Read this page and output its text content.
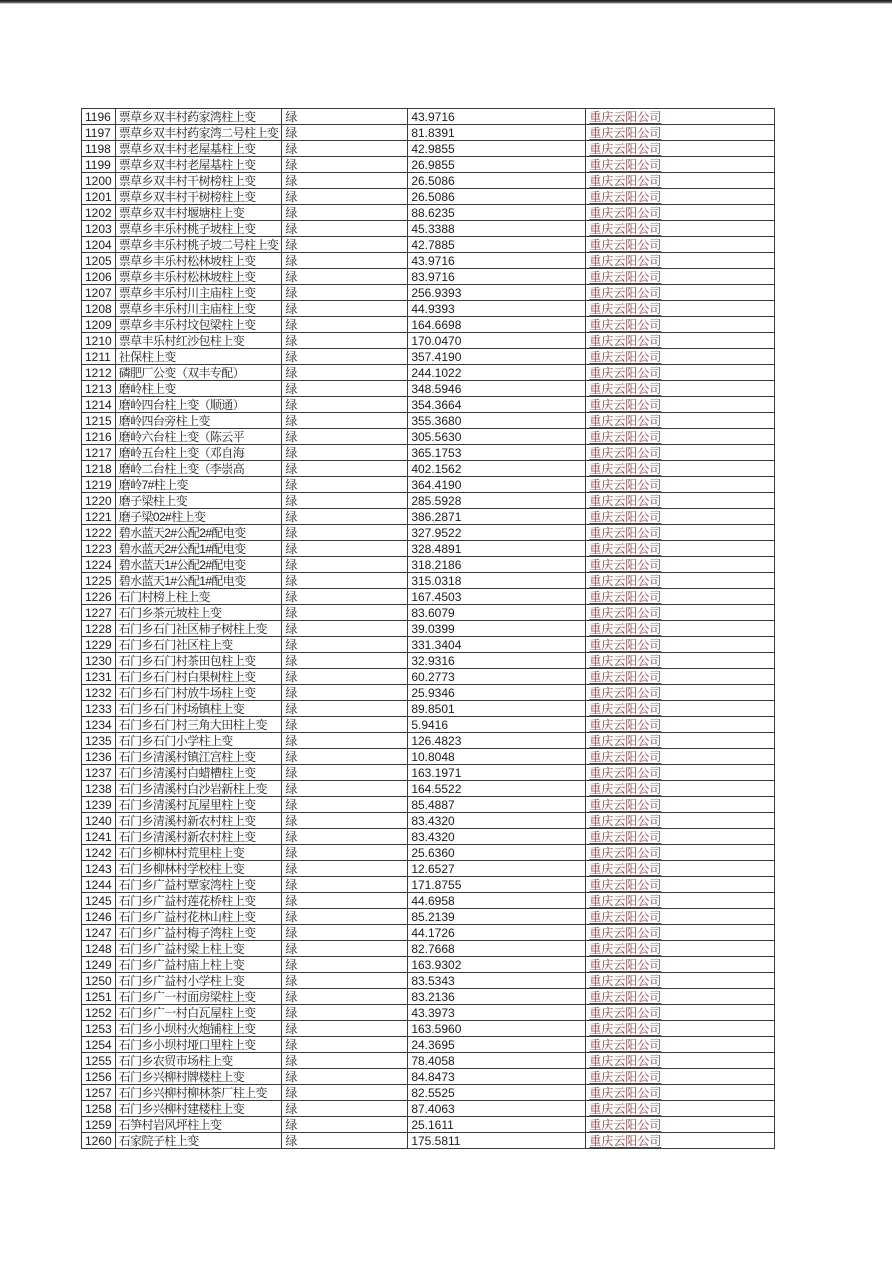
1196	票草乡双丰村药家湾柱上变	绿	43.9716	重庆云阳公司
1197	票草乡双丰村药家湾二号柱上变	绿	81.8391	重庆云阳公司
1198	票草乡双丰村老屋基柱上变	绿	42.9855	重庆云阳公司
1199	票草乡双丰村老屋基柱上变	绿	26.9855	重庆云阳公司
1200	票草乡双丰村干树榜柱上变	绿	26.5086	重庆云阳公司
1201	票草乡双丰村干树榜柱上变	绿	26.5086	重庆云阳公司
1202	票草乡双丰村堰塘柱上变	绿	88.6235	重庆云阳公司
1203	票草乡丰乐村桃子坡柱上变	绿	45.3388	重庆云阳公司
1204	票草乡丰乐村桃子坡二号柱上变	绿	42.7885	重庆云阳公司
1205	票草乡丰乐村松林坡柱上变	绿	43.9716	重庆云阳公司
1206	票草乡丰乐村松林坡柱上变	绿	83.9716	重庆云阳公司
1207	票草乡丰乐村川主庙柱上变	绿	256.9393	重庆云阳公司
1208	票草乡丰乐村川主庙柱上变	绿	44.9393	重庆云阳公司
1209	票草乡丰乐村坟包梁柱上变	绿	164.6698	重庆云阳公司
1210	票草丰乐村红沙包柱上变	绿	170.0470	重庆云阳公司
1211	社保柱上变	绿	357.4190	重庆云阳公司
1212	磷肥厂公变（双丰专配）	绿	244.1022	重庆云阳公司
1213	磨岭柱上变	绿	348.5946	重庆云阳公司
1214	磨岭四台柱上变（顺通）	绿	354.3664	重庆云阳公司
1215	磨岭四台旁柱上变	绿	355.3680	重庆云阳公司
1216	磨岭六台柱上变（陈云平	绿	305.5630	重庆云阳公司
1217	磨岭五台柱上变（邓自海	绿	365.1753	重庆云阳公司
1218	磨岭二台柱上变（李崇高	绿	402.1562	重庆云阳公司
1219	磨岭7#柱上变	绿	364.4190	重庆云阳公司
1220	磨子梁柱上变	绿	285.5928	重庆云阳公司
1221	磨子梁02#柱上变	绿	386.2871	重庆云阳公司
1222	碧水蓝天2#公配2#配电变	绿	327.9522	重庆云阳公司
1223	碧水蓝天2#公配1#配电变	绿	328.4891	重庆云阳公司
1224	碧水蓝天1#公配2#配电变	绿	318.2186	重庆云阳公司
1225	碧水蓝天1#公配1#配电变	绿	315.0318	重庆云阳公司
1226	石门村榜上柱上变	绿	167.4503	重庆云阳公司
1227	石门乡茶元坡柱上变	绿	83.6079	重庆云阳公司
1228	石门乡石门社区柿子树柱上变	绿	39.0399	重庆云阳公司
1229	石门乡石门社区柱上变	绿	331.3404	重庆云阳公司
1230	石门乡石门村茶田包柱上变	绿	32.9316	重庆云阳公司
1231	石门乡石门村白果树柱上变	绿	60.2773	重庆云阳公司
1232	石门乡石门村放牛场柱上变	绿	25.9346	重庆云阳公司
1233	石门乡石门村场镇柱上变	绿	89.8501	重庆云阳公司
1234	石门乡石门村三角大田柱上变	绿	5.9416	重庆云阳公司
1235	石门乡石门小学柱上变	绿	126.4823	重庆云阳公司
1236	石门乡清溪村镇江宫柱上变	绿	10.8048	重庆云阳公司
1237	石门乡清溪村白蜡槽柱上变	绿	163.1971	重庆云阳公司
1238	石门乡清溪村白沙岩新柱上变	绿	164.5522	重庆云阳公司
1239	石门乡清溪村瓦屋里柱上变	绿	85.4887	重庆云阳公司
1240	石门乡清溪村新农村柱上变	绿	83.4320	重庆云阳公司
1241	石门乡清溪村新农村柱上变	绿	83.4320	重庆云阳公司
1242	石门乡柳林村荒里柱上变	绿	25.6360	重庆云阳公司
1243	石门乡柳林村学校柱上变	绿	12.6527	重庆云阳公司
1244	石门乡广益村覃家湾柱上变	绿	171.8755	重庆云阳公司
1245	石门乡广益村莲花桥柱上变	绿	44.6958	重庆云阳公司
1246	石门乡广益村花林山柱上变	绿	85.2139	重庆云阳公司
1247	石门乡广益村梅子湾柱上变	绿	44.1726	重庆云阳公司
1248	石门乡广益村梁上柱上变	绿	82.7668	重庆云阳公司
1249	石门乡广益村庙上柱上变	绿	163.9302	重庆云阳公司
1250	石门乡广益村小学柱上变	绿	83.5343	重庆云阳公司
1251	石门乡广一村面房梁柱上变	绿	83.2136	重庆云阳公司
1252	石门乡广一村白瓦屋柱上变	绿	43.3973	重庆云阳公司
1253	石门乡小坝村火炮铺柱上变	绿	163.5960	重庆云阳公司
1254	石门乡小坝村垭口里柱上变	绿	24.3695	重庆云阳公司
1255	石门乡农贸市场柱上变	绿	78.4058	重庆云阳公司
1256	石门乡兴柳村牌楼柱上变	绿	84.8473	重庆云阳公司
1257	石门乡兴柳村柳林茶厂柱上变	绿	82.5525	重庆云阳公司
1258	石门乡兴柳村建楼柱上变	绿	87.4063	重庆云阳公司
1259	石笋村岩风坪柱上变	绿	25.1611	重庆云阳公司
1260	石家院子柱上变	绿	175.5811	重庆云阳公司
